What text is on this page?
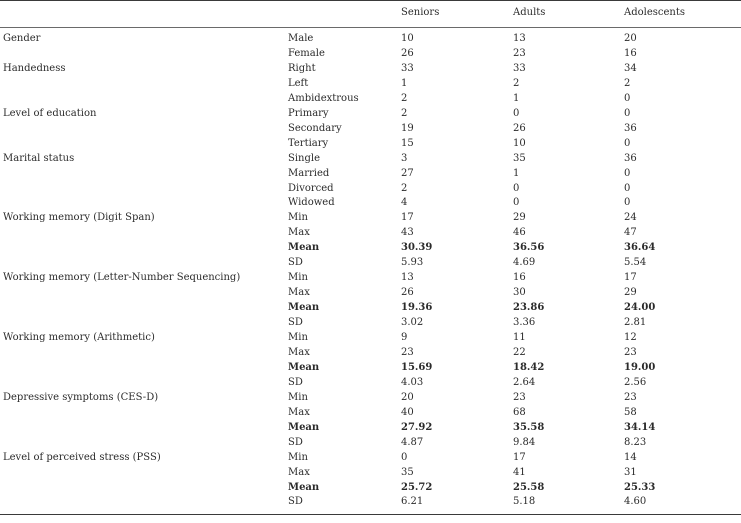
Seniors	Adults	Adolescents
Gender	Male	10	13	20
Female	26	23	16
Handedness	Right	33	33	34
Left	1	2	2
Ambidextrous	2	1	0
Level of education	Primary	2	0	0
Secondary	19	26	36
Tertiary	15	10	0
Marital status	Single	3	35	36
Married	27	1	0
Divorced	2	0	0
Widowed	4	0	0
Working memory (Digit Span)	Min	17	29	24
Max	43	46	47
Mean	30.39	36.56	36.64
SD	5.93	4.69	5.54
Working memory (Letter-Number Sequencing)	Min	13	16	17
Max	26	30	29
Mean	19.36	23.86	24.00
SD	3.02	3.36	2.81
Working memory (Arithmetic)	Min	9	11	12
Max	23	22	23
Mean	15.69	18.42	19.00
SD	4.03	2.64	2.56
Depressive symptoms (CES-D)	Min	20	23	23
Max	40	68	58
Mean	27.92	35.58	34.14
SD	4.87	9.84	8.23
Level of perceived stress (PSS)	Min	0	17	14
Max	35	41	31
Mean	25.72	25.58	25.33
SD	6.21	5.18	4.60
